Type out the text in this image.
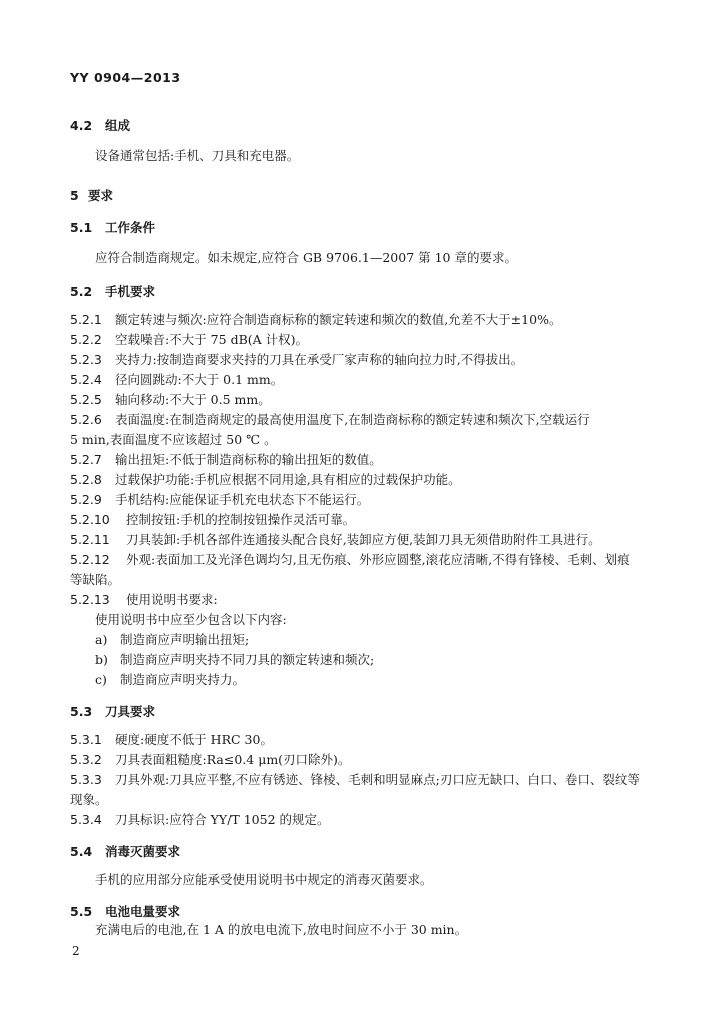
YY 0904—2013
4.2 组成
设备通常包括:手机、刀具和充电器。
5 要求
5.1 工作条件
应符合制造商规定。如未规定,应符合 GB 9706.1—2007 第 10 章的要求。
5.2 手机要求
5.2.1 额定转速与频次:应符合制造商标称的额定转速和频次的数值,允差不大于±10%。
5.2.2 空载噪音:不大于 75 dB(A 计权)。
5.2.3 夹持力:按制造商要求夹持的刀具在承受厂家声称的轴向拉力时,不得拔出。
5.2.4 径向圆跳动:不大于 0.1 mm。
5.2.5 轴向移动:不大于 0.5 mm。
5.2.6 表面温度:在制造商规定的最高使用温度下,在制造商标称的额定转速和频次下,空载运行
5 min,表面温度不应该超过 50 ℃ 。
5.2.7 输出扭矩:不低于制造商标称的输出扭矩的数值。
5.2.8 过载保护功能:手机应根据不同用途,具有相应的过载保护功能。
5.2.9 手机结构:应能保证手机充电状态下不能运行。
5.2.10 控制按钮:手机的控制按钮操作灵活可靠。
5.2.11 刀具装卸:手机各部件连通接头配合良好,装卸应方便,装卸刀具无须借助附件工具进行。
5.2.12 外观:表面加工及光泽色调均匀,且无伤痕、外形应圆整,滚花应清晰,不得有锋棱、毛刺、划痕
等缺陷。
5.2.13 使用说明书要求:
使用说明书中应至少包含以下内容:
a) 制造商应声明输出扭矩;
b) 制造商应声明夹持不同刀具的额定转速和频次;
c) 制造商应声明夹持力。
5.3 刀具要求
5.3.1 硬度:硬度不低于 HRC 30。
5.3.2 刀具表面粗糙度:Ra≤0.4 μm(刃口除外)。
5.3.3 刀具外观:刀具应平整,不应有锈迹、锋棱、毛刺和明显麻点;刃口应无缺口、白口、卷口、裂纹等
现象。
5.3.4 刀具标识:应符合 YY/T 1052 的规定。
5.4 消毒灭菌要求
手机的应用部分应能承受使用说明书中规定的消毒灭菌要求。
5.5 电池电量要求
充满电后的电池,在 1 A 的放电电流下,放电时间应不小于 30 min。
2
